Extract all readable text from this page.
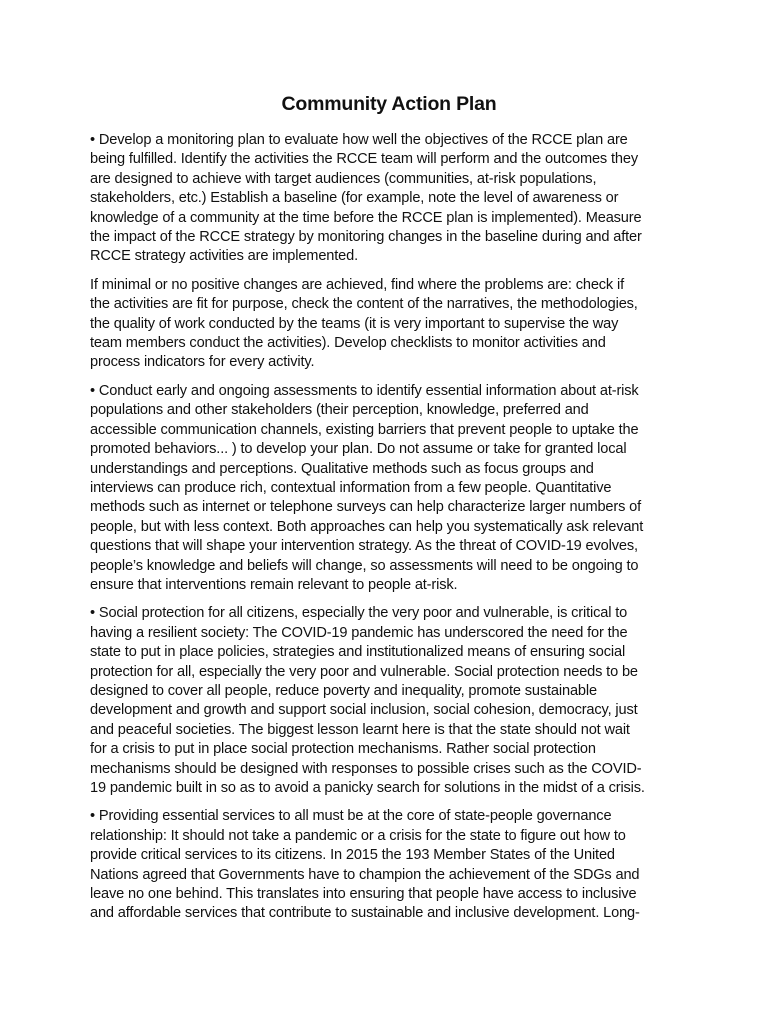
Community Action Plan

• Develop a monitoring plan to evaluate how well the objectives of the RCCE plan are
being fulfilled. Identify the activities the RCCE team will perform and the outcomes they
are designed to achieve with target audiences (communities, at-risk populations,
stakeholders, etc.) Establish a baseline (for example, note the level of awareness or
knowledge of a community at the time before the RCCE plan is implemented). Measure
the impact of the RCCE strategy by monitoring changes in the baseline during and after
RCCE strategy activities are implemented.

If minimal or no positive changes are achieved, find where the problems are: check if
the activities are fit for purpose, check the content of the narratives, the methodologies,
the quality of work conducted by the teams (it is very important to supervise the way
team members conduct the activities). Develop checklists to monitor activities and
process indicators for every activity.

• Conduct early and ongoing assessments to identify essential information about at-risk
populations and other stakeholders (their perception, knowledge, preferred and
accessible communication channels, existing barriers that prevent people to uptake the
promoted behaviors... ) to develop your plan. Do not assume or take for granted local
understandings and perceptions. Qualitative methods such as focus groups and
interviews can produce rich, contextual information from a few people. Quantitative
methods such as internet or telephone surveys can help characterize larger numbers of
people, but with less context. Both approaches can help you systematically ask relevant
questions that will shape your intervention strategy. As the threat of COVID-19 evolves,
people’s knowledge and beliefs will change, so assessments will need to be ongoing to
ensure that interventions remain relevant to people at-risk.

• Social protection for all citizens, especially the very poor and vulnerable, is critical to
having a resilient society: The COVID-19 pandemic has underscored the need for the
state to put in place policies, strategies and institutionalized means of ensuring social
protection for all, especially the very poor and vulnerable. Social protection needs to be
designed to cover all people, reduce poverty and inequality, promote sustainable
development and growth and support social inclusion, social cohesion, democracy, just
and peaceful societies. The biggest lesson learnt here is that the state should not wait
for a crisis to put in place social protection mechanisms. Rather social protection
mechanisms should be designed with responses to possible crises such as the COVID-
19 pandemic built in so as to avoid a panicky search for solutions in the midst of a crisis.

• Providing essential services to all must be at the core of state-people governance
relationship: It should not take a pandemic or a crisis for the state to figure out how to
provide critical services to its citizens. In 2015 the 193 Member States of the United
Nations agreed that Governments have to champion the achievement of the SDGs and
leave no one behind. This translates into ensuring that people have access to inclusive
and affordable services that contribute to sustainable and inclusive development. Long-
